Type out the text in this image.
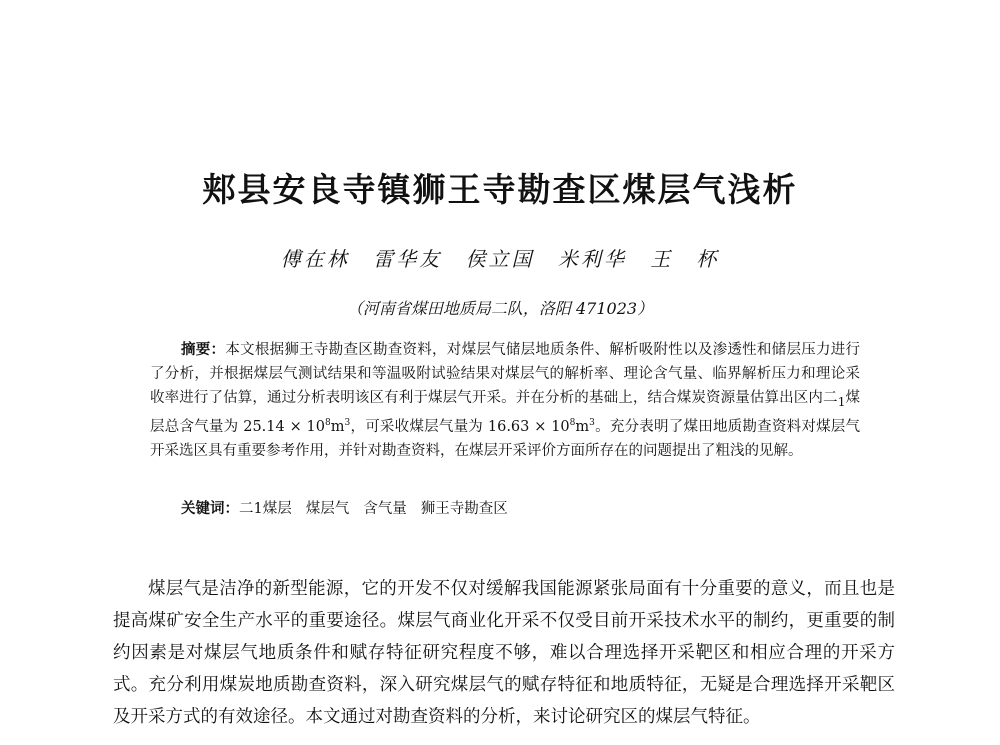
郏县安良寺镇狮王寺勘查区煤层气浅析
傅在林 雷华友 侯立国 米利华 王　杯
（河南省煤田地质局二队，洛阳 471023）
摘要：本文根据狮王寺勘查区勘查资料，对煤层气储层地质条件、解析吸附性以及渗透性和储层压力进行了分析，并根据煤层气测试结果和等温吸附试验结果对煤层气的解析率、理论含气量、临界解析压力和理论采收率进行了估算，通过分析表明该区有利于煤层气开采。并在分析的基础上，结合煤炭资源量估算出区内二$_1$煤层总含气量为 $25.14 \times 10^8m^3$，可采收煤层气量为 $16.63 \times 10^8m^3$。充分表明了煤田地质勘查资料对煤层气开采选区具有重要参考作用，并针对勘查资料，在煤层开采评价方面所存在的问题提出了粗浅的见解。
关键词：二1煤层 煤层气 含气量 狮王寺勘查区

煤层气是洁净的新型能源，它的开发不仅对缓解我国能源紧张局面有十分重要的意义，而且也是提高煤矿安全生产水平的重要途径。煤层气商业化开采不仅受目前开采技术水平的制约，更重要的制约因素是对煤层气地质条件和赋存特征研究程度不够，难以合理选择开采靶区和相应合理的开采方式。充分利用煤炭地质勘查资料，深入研究煤层气的赋存特征和地质特征，无疑是合理选择开采靶区及开采方式的有效途径。本文通过对勘查资料的分析，来讨论研究区的煤层气特征。
